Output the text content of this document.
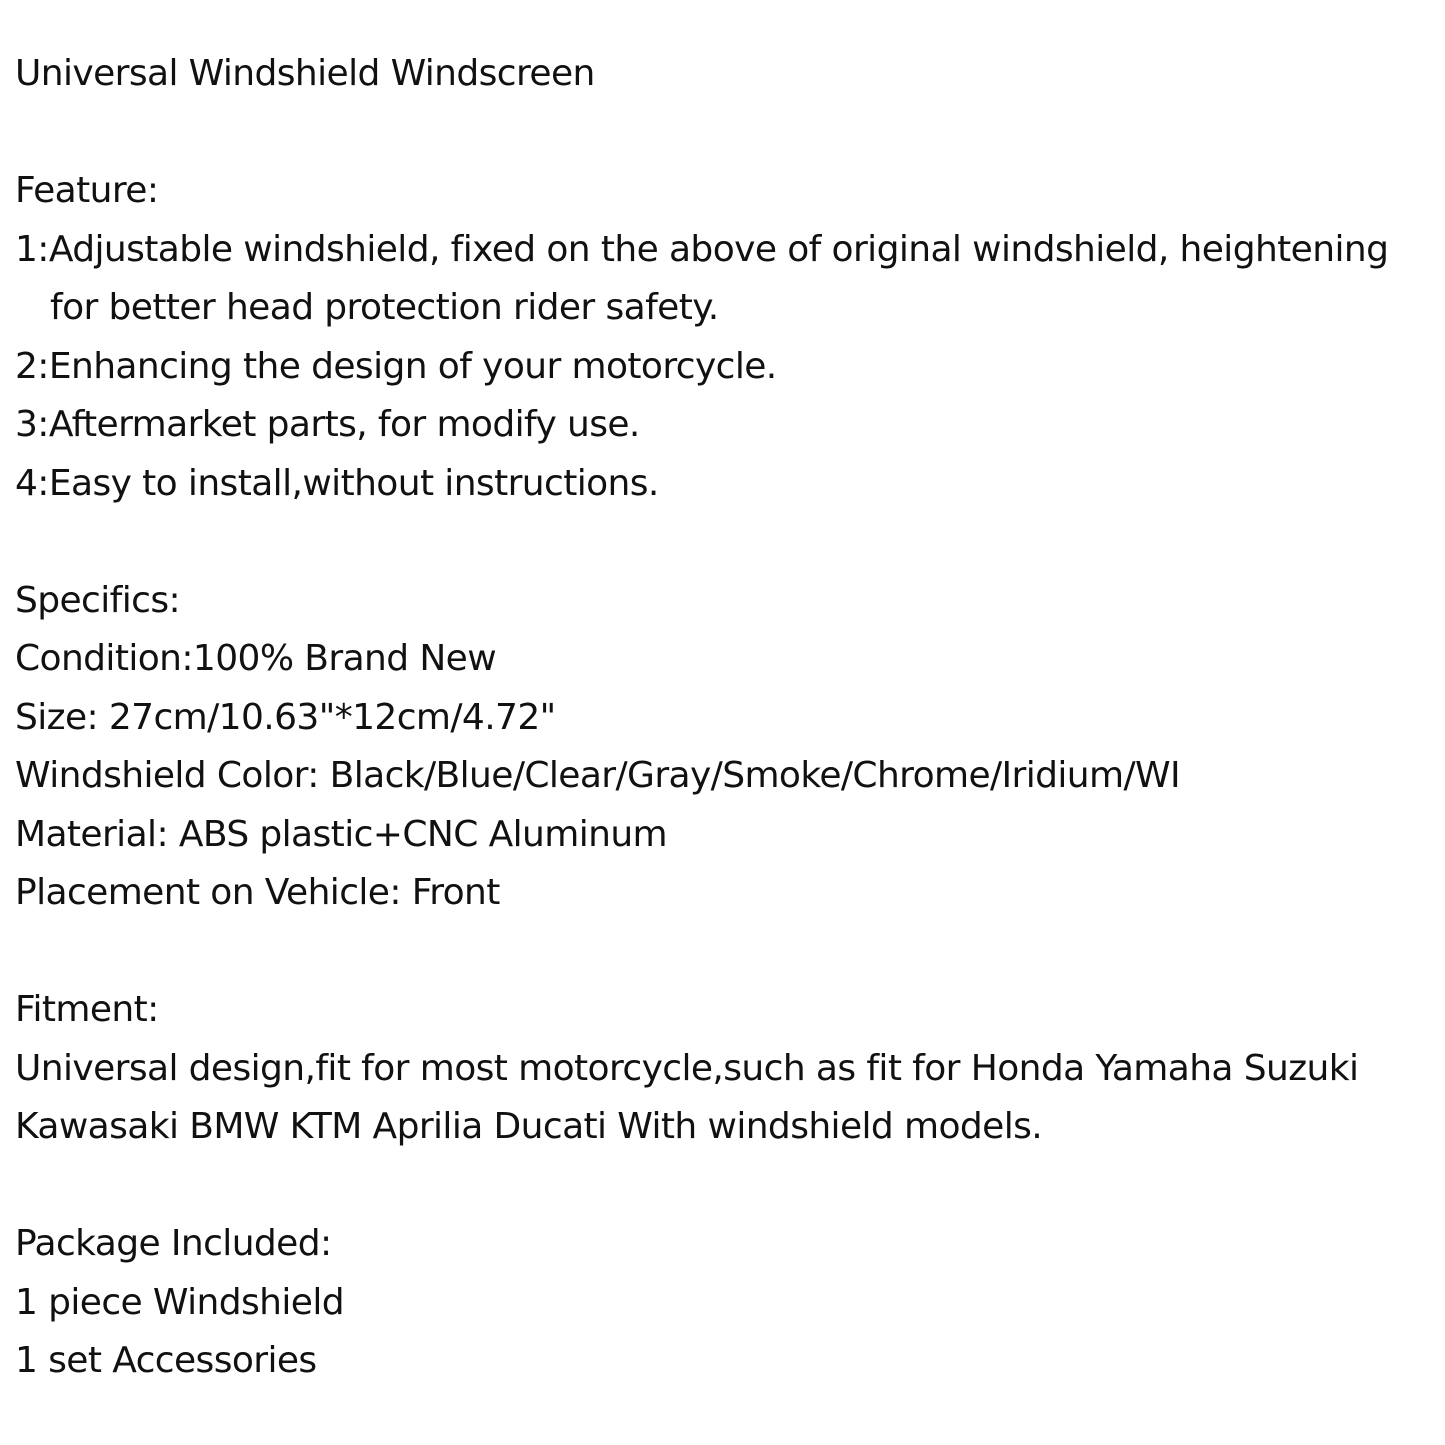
Universal Windshield Windscreen
Feature:
1:Adjustable windshield, fixed on the above of original windshield, heightening
for better head protection rider safety.
2:Enhancing the design of your motorcycle.
3:Aftermarket parts, for modify use.
4:Easy to install,without instructions.
Specifics:
Condition:100% Brand New
Size: 27cm/10.63"*12cm/4.72"
Windshield Color: Black/Blue/Clear/Gray/Smoke/Chrome/Iridium/WI
Material: ABS plastic+CNC Aluminum
Placement on Vehicle: Front
Fitment:
Universal design,fit for most motorcycle,such as fit for Honda Yamaha Suzuki
Kawasaki BMW KTM Aprilia Ducati With windshield models.
Package Included:
1 piece Windshield
1 set Accessories
